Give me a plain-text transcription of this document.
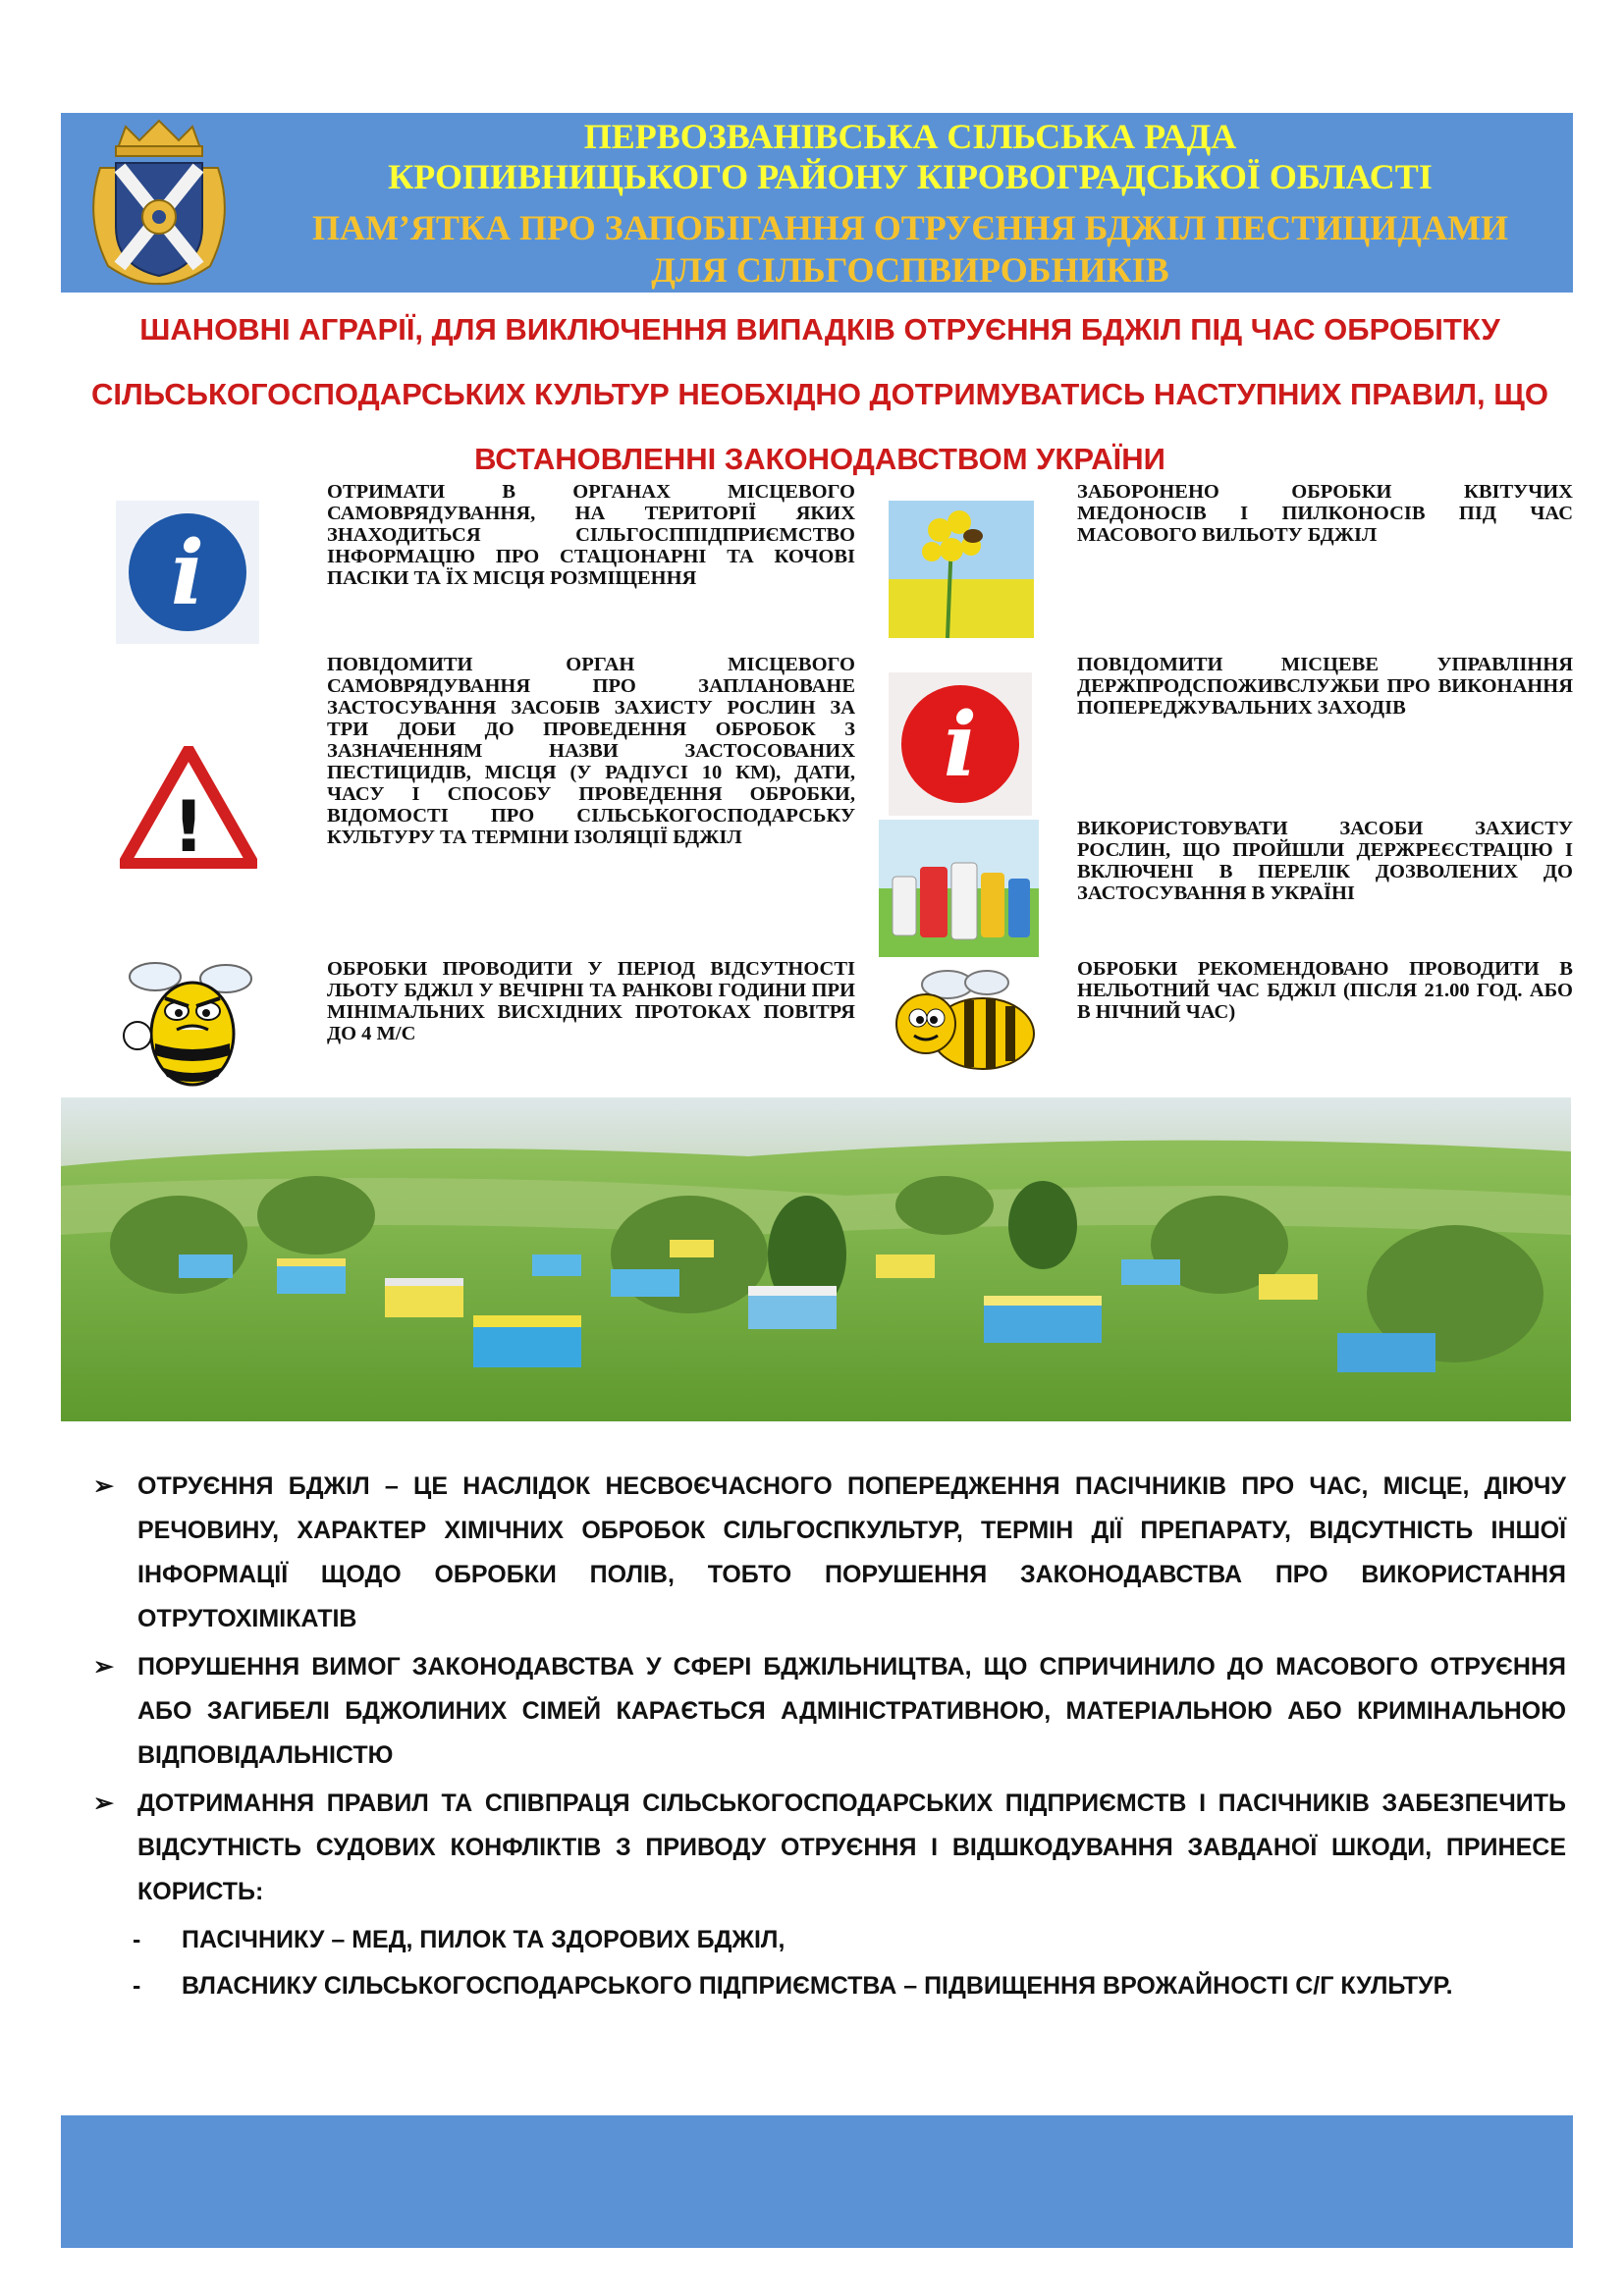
ПЕРВОЗВАНІВСЬКА СІЛЬСЬКА РАДА

КРОПИВНИЦЬКОГО РАЙОНУ КІРОВОГРАДСЬКОЇ ОБЛАСТІ

ПАМ’ЯТКА ПРО ЗАПОБІГАННЯ ОТРУЄННЯ БДЖІЛ ПЕСТИЦИДАМИ

ДЛЯ СІЛЬГОСПВИРОБНИКІВ

ШАНОВНІ АГРАРІЇ, ДЛЯ ВИКЛЮЧЕННЯ ВИПАДКІВ ОТРУЄННЯ БДЖІЛ ПІД ЧАС ОБРОБІТКУ СІЛЬСЬКОГОСПОДАРСЬКИХ КУЛЬТУР НЕОБХІДНО ДОТРИМУВАТИСЬ НАСТУПНИХ ПРАВИЛ, ЩО ВСТАНОВЛЕННІ ЗАКОНОДАВСТВОМ УКРАЇНИ

i
!

ОТРИМАТИ В ОРГАНАХ МІСЦЕВОГО САМОВРЯДУВАННЯ, НА ТЕРИТОРІЇ ЯКИХ ЗНАХОДИТЬСЯ СІЛЬГОСППІДПРИЄМСТВО ІНФОРМАЦІЮ ПРО СТАЦІОНАРНІ ТА КОЧОВІ ПАСІКИ ТА ЇХ МІСЦЯ РОЗМІЩЕННЯ

ПОВІДОМИТИ ОРГАН МІСЦЕВОГО САМОВРЯДУВАННЯ ПРО ЗАПЛАНОВАНЕ ЗАСТОСУВАННЯ ЗАСОБІВ ЗАХИСТУ РОСЛИН ЗА ТРИ ДОБИ ДО ПРОВЕДЕННЯ ОБРОБОК З ЗАЗНАЧЕННЯМ НАЗВИ ЗАСТОСОВАНИХ ПЕСТИЦИДІВ, МІСЦЯ (У РАДІУСІ 10 КМ), ДАТИ, ЧАСУ І СПОСОБУ ПРОВЕДЕННЯ ОБРОБКИ, ВІДОМОСТІ ПРО СІЛЬСЬКОГОСПОДАРСЬКУ КУЛЬТУРУ ТА ТЕРМІНИ ІЗОЛЯЦІЇ БДЖІЛ

ОБРОБКИ ПРОВОДИТИ У ПЕРІОД ВІДСУТНОСТІ ЛЬОТУ БДЖІЛ У ВЕЧІРНІ ТА РАНКОВІ ГОДИНИ ПРИ МІНІМАЛЬНИХ ВИСХІДНИХ ПРОТОКАХ ПОВІТРЯ ДО 4 М/С

i

ЗАБОРОНЕНО ОБРОБКИ КВІТУЧИХ МЕДОНОСІВ І ПИЛКОНОСІВ ПІД ЧАС МАСОВОГО ВИЛЬОТУ БДЖІЛ

ПОВІДОМИТИ МІСЦЕВЕ УПРАВЛІННЯ ДЕРЖПРОДСПОЖИВСЛУЖБИ ПРО ВИКОНАННЯ ПОПЕРЕДЖУВАЛЬНИХ ЗАХОДІВ

ВИКОРИСТОВУВАТИ ЗАСОБИ ЗАХИСТУ РОСЛИН, ЩО ПРОЙШЛИ ДЕРЖРЕЄСТРАЦІЮ І ВКЛЮЧЕНІ В ПЕРЕЛІК ДОЗВОЛЕНИХ ДО ЗАСТОСУВАННЯ В УКРАЇНІ

ОБРОБКИ РЕКОМЕНДОВАНО ПРОВОДИТИ В НЕЛЬОТНИЙ ЧАС БДЖІЛ (ПІСЛЯ 21.00 ГОД. АБО В НІЧНИЙ ЧАС)

➢ ОТРУЄННЯ БДЖІЛ – ЦЕ НАСЛІДОК НЕСВОЄЧАСНОГО ПОПЕРЕДЖЕННЯ ПАСІЧНИКІВ ПРО ЧАС, МІСЦЕ, ДІЮЧУ РЕЧОВИНУ, ХАРАКТЕР ХІМІЧНИХ ОБРОБОК СІЛЬГОСПКУЛЬТУР, ТЕРМІН ДІЇ ПРЕПАРАТУ, ВІДСУТНІСТЬ ІНШОЇ ІНФОРМАЦІЇ ЩОДО ОБРОБКИ ПОЛІВ, ТОБТО ПОРУШЕННЯ ЗАКОНОДАВСТВА ПРО ВИКОРИСТАННЯ ОТРУТОХІМІКАТІВ

➢ ПОРУШЕННЯ ВИМОГ ЗАКОНОДАВСТВА У СФЕРІ БДЖІЛЬНИЦТВА, ЩО СПРИЧИНИЛО ДО МАСОВОГО ОТРУЄННЯ АБО ЗАГИБЕЛІ БДЖОЛИНИХ СІМЕЙ КАРАЄТЬСЯ АДМІНІСТРАТИВНОЮ, МАТЕРІАЛЬНОЮ АБО КРИМІНАЛЬНОЮ ВІДПОВІДАЛЬНІСТЮ

➢ ДОТРИМАННЯ ПРАВИЛ ТА СПІВПРАЦЯ СІЛЬСЬКОГОСПОДАРСЬКИХ ПІДПРИЄМСТВ І ПАСІЧНИКІВ ЗАБЕЗПЕЧИТЬ ВІДСУТНІСТЬ СУДОВИХ КОНФЛІКТІВ З ПРИВОДУ ОТРУЄННЯ І ВІДШКОДУВАННЯ ЗАВДАНОЇ ШКОДИ, ПРИНЕСЕ КОРИСТЬ:

- ПАСІЧНИКУ – МЕД, ПИЛОК ТА ЗДОРОВИХ БДЖІЛ,

- ВЛАСНИКУ СІЛЬСЬКОГОСПОДАРСЬКОГО ПІДПРИЄМСТВА – ПІДВИЩЕННЯ ВРОЖАЙНОСТІ С/Г КУЛЬТУР.
